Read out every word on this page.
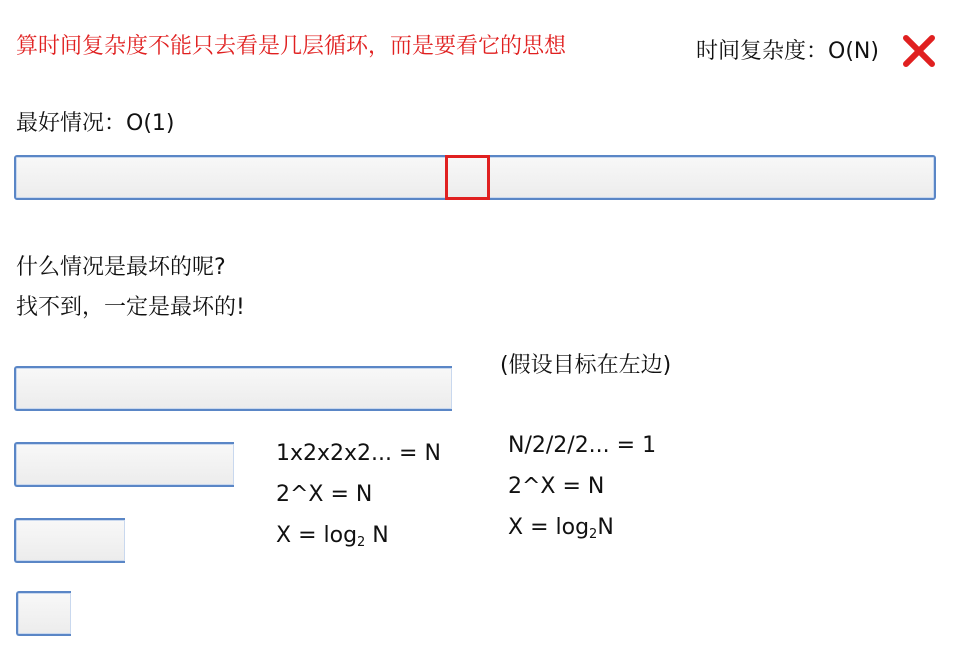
算时间复杂度不能只去看是几层循环，而是要看它的思想	时间复杂度：O(N)
最好情况：O(1)
什么情况是最坏的呢?
找不到，一定是最坏的!
(假设目标在左边)
1x2x2x2... = N
2^X = N
$X = \log_2 N$
N/2/2/2... = 1
2^X = N
$X = \log_2N$
